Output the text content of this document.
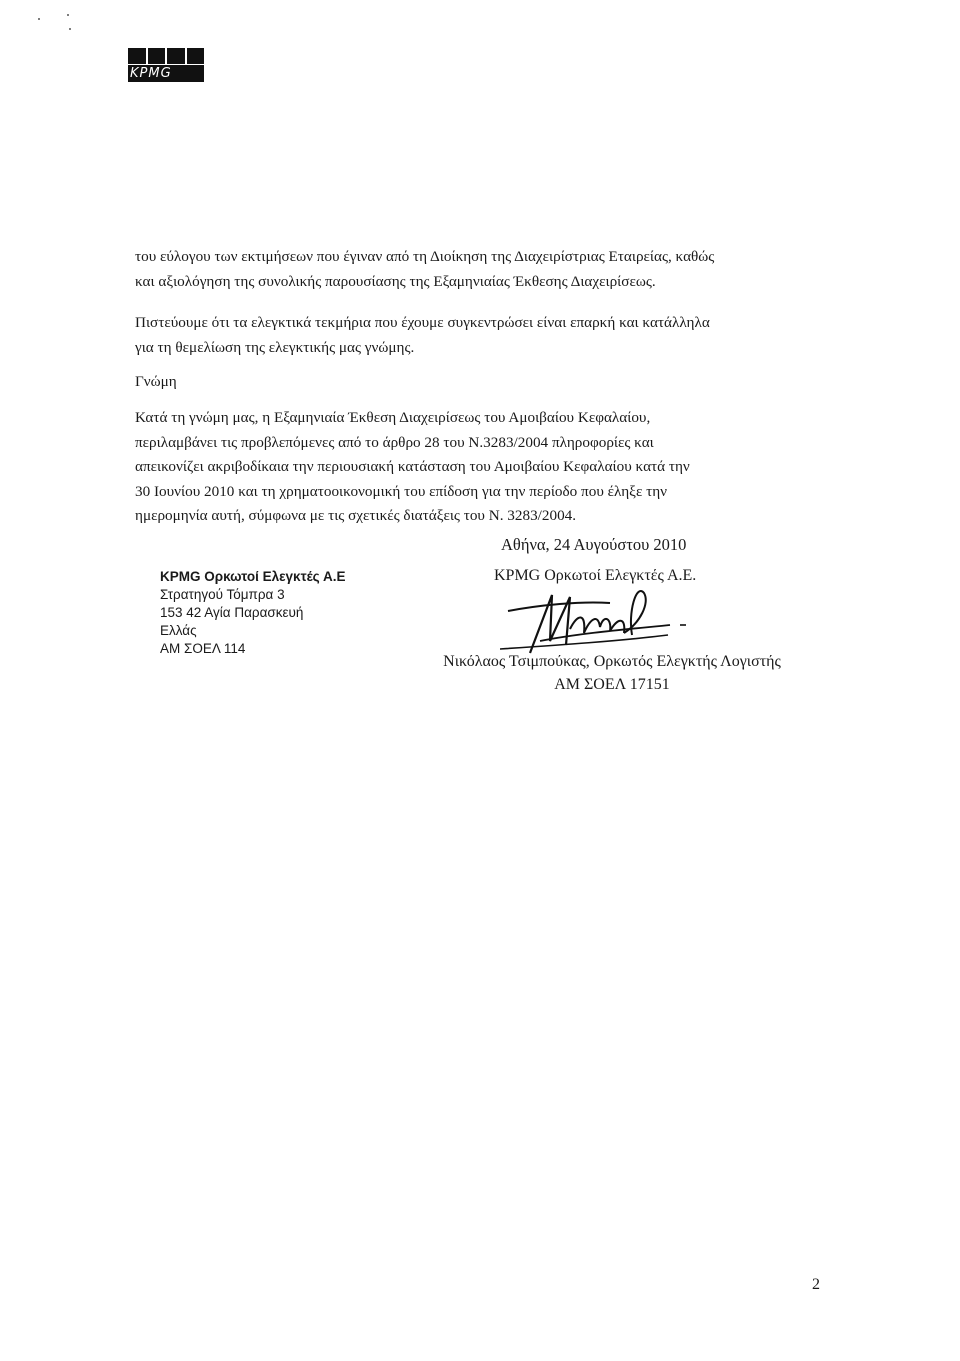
KPMG
του εύλογου των εκτιμήσεων που έγιναν από τη Διοίκηση της Διαχειρίστριας Εταιρείας, καθώς
και αξιολόγηση της συνολικής παρουσίασης της Εξαμηνιαίας Έκθεσης Διαχειρίσεως.
Πιστεύουμε ότι τα ελεγκτικά τεκμήρια που έχουμε συγκεντρώσει είναι επαρκή και κατάλληλα
για τη θεμελίωση της ελεγκτικής μας γνώμης.
Γνώμη
Κατά τη γνώμη μας, η Εξαμηνιαία Έκθεση Διαχειρίσεως του Αμοιβαίου Κεφαλαίου,
περιλαμβάνει τις προβλεπόμενες από το άρθρο 28 του Ν.3283/2004 πληροφορίες και
απεικονίζει ακριβοδίκαια την περιουσιακή κατάσταση του Αμοιβαίου Κεφαλαίου κατά την
30 Ιουνίου 2010 και τη χρηματοοικονομική του επίδοση για την περίοδο που έληξε την
ημερομηνία αυτή, σύμφωνα με τις σχετικές διατάξεις του Ν. 3283/2004.
Αθήνα, 24 Αυγούστου 2010
KPMG Ορκωτοί Ελεγκτές Α.Ε
Στρατηγού Τόμπρα 3
153 42 Αγία Παρασκευή
Ελλάς
ΑΜ ΣΟΕΛ 114
KPMG Ορκωτοί Ελεγκτές Α.Ε.
Νικόλαος Τσιμπούκας, Ορκωτός Ελεγκτής Λογιστής
ΑΜ ΣΟΕΛ 17151
2
